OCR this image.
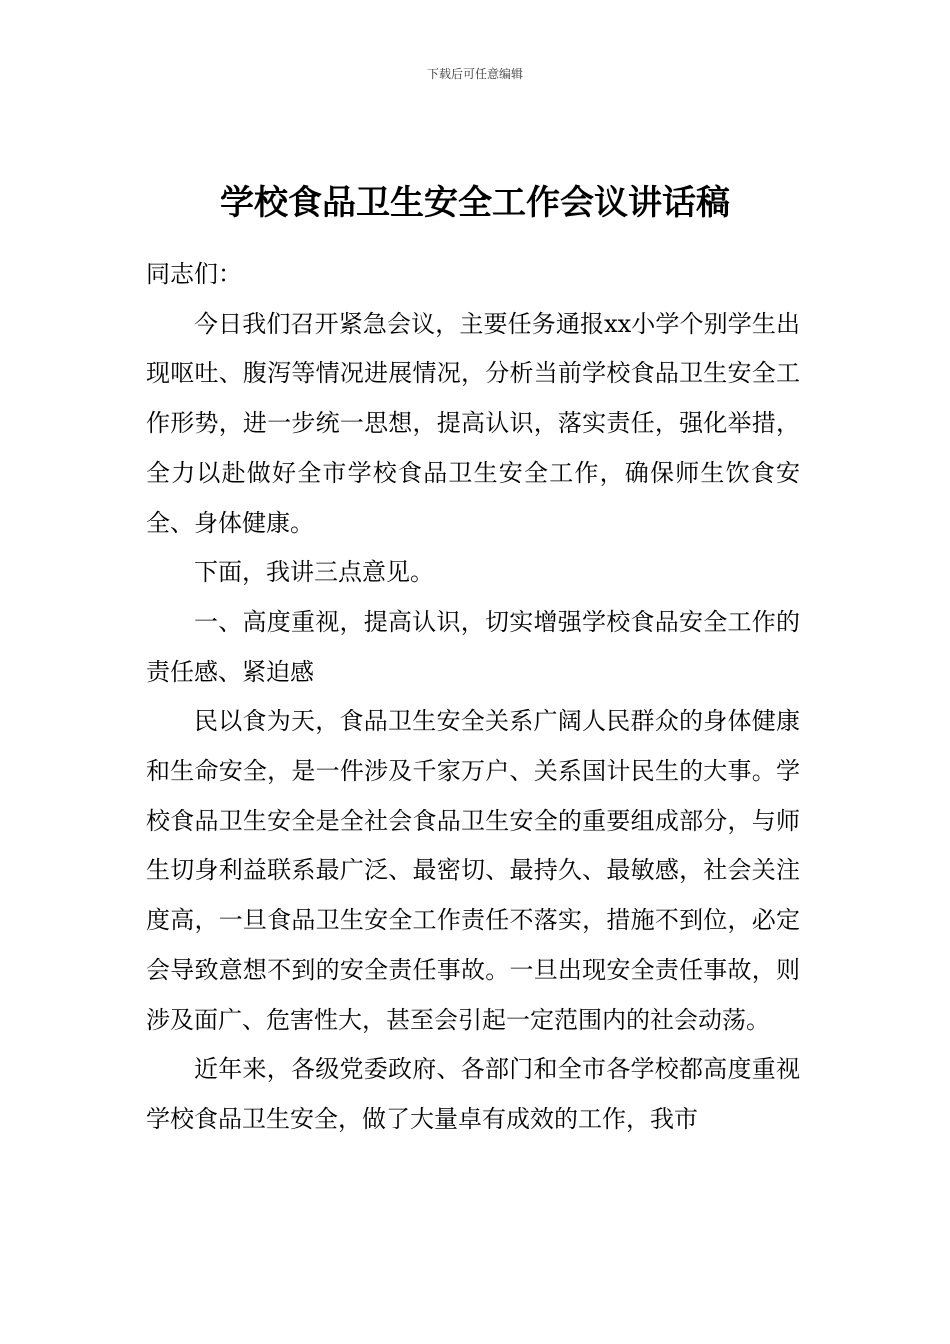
下载后可任意编辑
学校食品卫生安全工作会议讲话稿

同志们：

今日我们召开紧急会议，主要任务通报xx小学个别学生出现呕吐、腹泻等情况进展情况，分析当前学校食品卫生安全工作形势，进一步统一思想，提高认识，落实责任，强化举措，全力以赴做好全市学校食品卫生安全工作，确保师生饮食安全、身体健康。

下面，我讲三点意见。

一、高度重视，提高认识，切实增强学校食品安全工作的责任感、紧迫感

民以食为天，食品卫生安全关系广阔人民群众的身体健康和生命安全，是一件涉及千家万户、关系国计民生的大事。学校食品卫生安全是全社会食品卫生安全的重要组成部分，与师生切身利益联系最广泛、最密切、最持久、最敏感，社会关注度高，一旦食品卫生安全工作责任不落实，措施不到位，必定会导致意想不到的安全责任事故。一旦出现安全责任事故，则涉及面广、危害性大，甚至会引起一定范围内的社会动荡。

近年来，各级党委政府、各部门和全市各学校都高度重视学校食品卫生安全，做了大量卓有成效的工作，我市
